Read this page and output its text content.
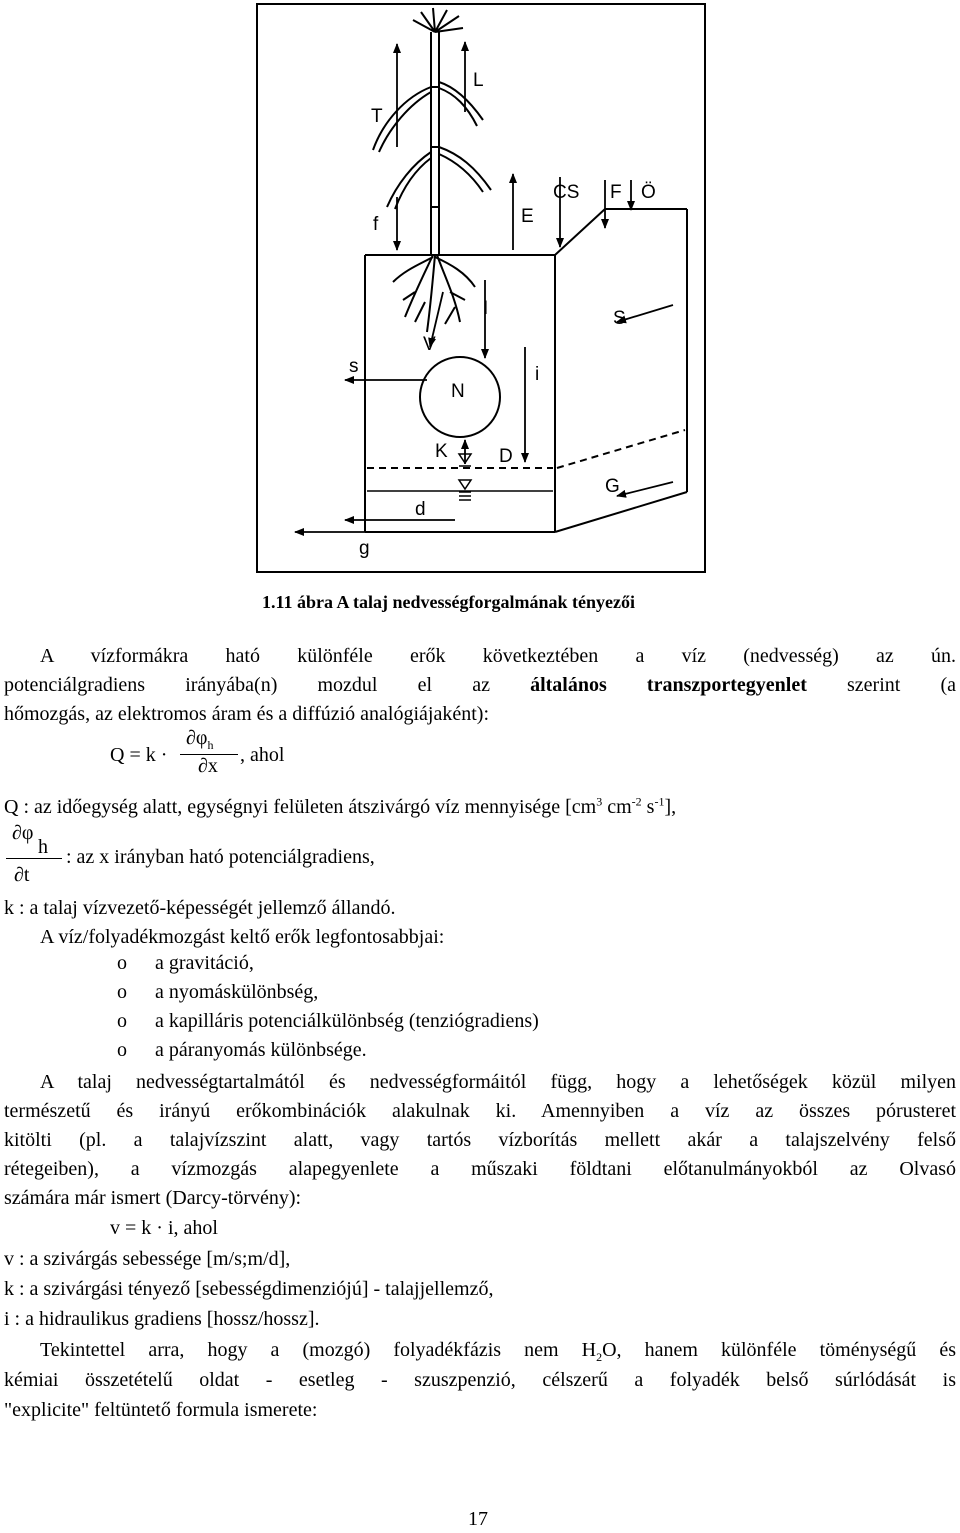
T
L
f	E
CS F Ö
I	S
s
V
N
i
K	D
G
d
g
1.11 ábra A talaj nedvességforgalmának tényezői
A vízformákra ható különféle erők következtében a víz (nedvesség) az ún.
potenciálgradiens irányába(n) mozdul el az általános transzportegyenlet szerint (a
hőmozgás, az elektromos áram és a diffúzió analógiájaként):
Q = k ·
$\partial\varphi_h$
∂x , ahol
Q : az időegység alatt, egységnyi felületen átszivárgó víz mennyisége [$cm^3$ $cm^{-2}$ $s^{-1}$],
∂φ
h
∂t
: az x irányban ható potenciálgradiens,
k : a talaj vízvezető-képességét jellemző állandó.
A víz/folyadékmozgást keltő erők legfontosabbjai:
o a gravitáció,
o a nyomáskülönbség,
o a kapilláris potenciálkülönbség (tenziógradiens)
o a páranyomás különbsége.
A talaj nedvességtartalmától és nedvességformáitól függ, hogy a lehetőségek közül milyen
természetű és irányú erőkombinációk alakulnak ki. Amennyiben a víz az összes pórusteret
kitölti (pl. a talajvízszint alatt, vagy tartós vízborítás mellett akár a talajszelvény felső
rétegeiben), a vízmozgás alapegyenlete a műszaki földtani előtanulmányokból az Olvasó
számára már ismert (Darcy-törvény):
v = k · i, ahol
v : a szivárgás sebessége [m/s;m/d],
k : a szivárgási tényező [sebességdimenziójú] - talajjellemző,
i : a hidraulikus gradiens [hossz/hossz].
Tekintettel arra, hogy a (mozgó) folyadékfázis nem $H_2O$, hanem különféle töménységű és
kémiai összetételű oldat - esetleg - szuszpenzió, célszerű a folyadék belső súrlódását is
"explicite" feltüntető formula ismerete:
17
